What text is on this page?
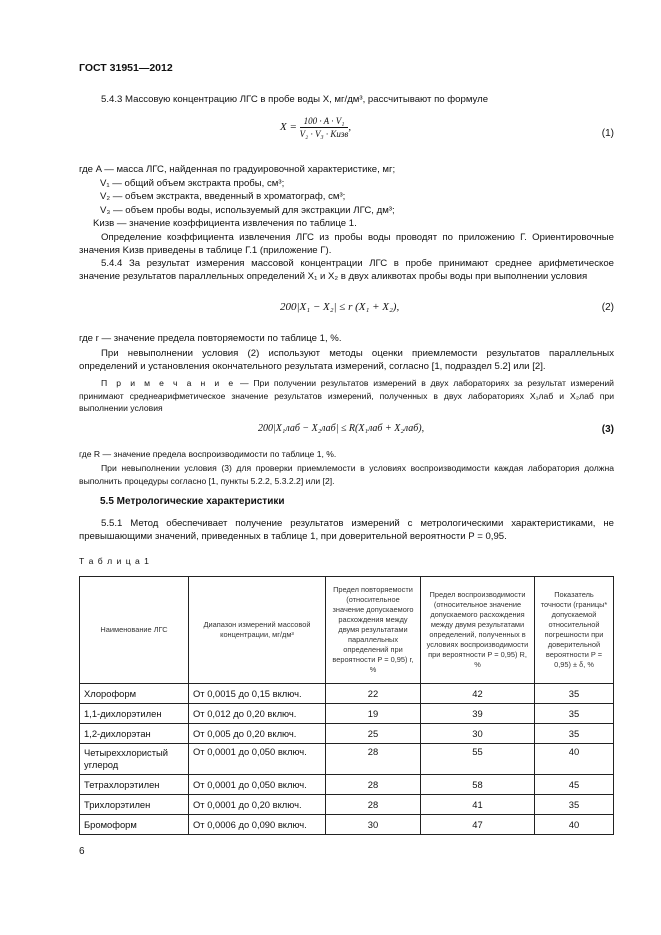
ГОСТ 31951—2012
5.4.3 Массовую концентрацию ЛГС в пробе воды X, мг/дм³, рассчитывают по формуле
$X = \frac{\text{100 · A · V₁}}{\text{V₂ · V₃ · Kизв}}$ ,
(1)
где A — масса ЛГС, найденная по градуировочной характеристике, мг;
V₁ — общий объем экстракта пробы, см³;
V₂ — объем экстракта, введенный в хроматограф, см³;
V₃ — объем пробы воды, используемый для экстракции ЛГС, дм³;
Kизв — значение коэффициента извлечения по таблице 1.
Определение коэффициента извлечения ЛГС из пробы воды проводят по приложению Г. Ориентировочные значения Kизв приведены в таблице Г.1 (приложение Г).
5.4.4 За результат измерения массовой концентрации ЛГС в пробе принимают среднее арифметическое значение результатов параллельных определений X₁ и X₂ в двух аликвотах пробы воды при выполнении условия
200|X₁ − X₂| ≤ r (X₁ + X₂),	(2)
где r — значение предела повторяемости по таблице 1, %.
При невыполнении условия (2) используют методы оценки приемлемости результатов параллельных определений и установления окончательного результата измерений, согласно [1, подраздел 5.2] или [2].
П р и м е ч а н и е — При получении результатов измерений в двух лабораториях за результат измерений принимают среднеарифметическое значение результатов измерений, полученных в двух лабораториях X₁лаб и X₂лаб при выполнении условия
200|X₁лаб − X₂лаб| ≤ R(X₁лаб + X₂лаб),	(3)
где R — значение предела воспроизводимости по таблице 1, %.
При невыполнении условия (3) для проверки приемлемости в условиях воспроизводимости каждая лаборатория должна выполнить процедуры согласно [1, пункты 5.2.2, 5.3.2.2] или [2].
5.5 Метрологические характеристики
5.5.1 Метод обеспечивает получение результатов измерений с метрологическими характеристиками, не превышающими значений, приведенных в таблице 1, при доверительной вероятности P = 0,95.
Т а б л и ц а 1
Наименование ЛГС	Диапазон измерений массовой концентрации, мг/дм³	Предел повторяемости (относительное значение допускаемого расхождения между двумя результатами параллельных определений при вероятности P = 0,95) r, %	Предел воспроизводимости (относительное значение допускаемого расхождения между двумя результатами определений, полученных в условиях воспроизводимости при вероятности P = 0,95) R, %	Показатель точности (границы* допускаемой относительной погрешности при доверительной вероятности P = 0,95) ± δ, %
Хлороформ	От 0,0015 до 0,15 включ.	22	42	35
1,1-дихлорэтилен	От 0,012 до 0,20 включ.	19	39	35
1,2-дихлорэтан	От 0,005 до 0,20 включ.	25	30	35
Четыреххлористый углерод	От 0,0001 до 0,050 включ.	28	55	40
Тетрахлорэтилен	От 0,0001 до 0,050 включ.	28	58	45
Трихлорэтилен	От 0,0001 до 0,20 включ.	28	41	35
Бромоформ	От 0,0006 до 0,090 включ.	30	47	40
6
